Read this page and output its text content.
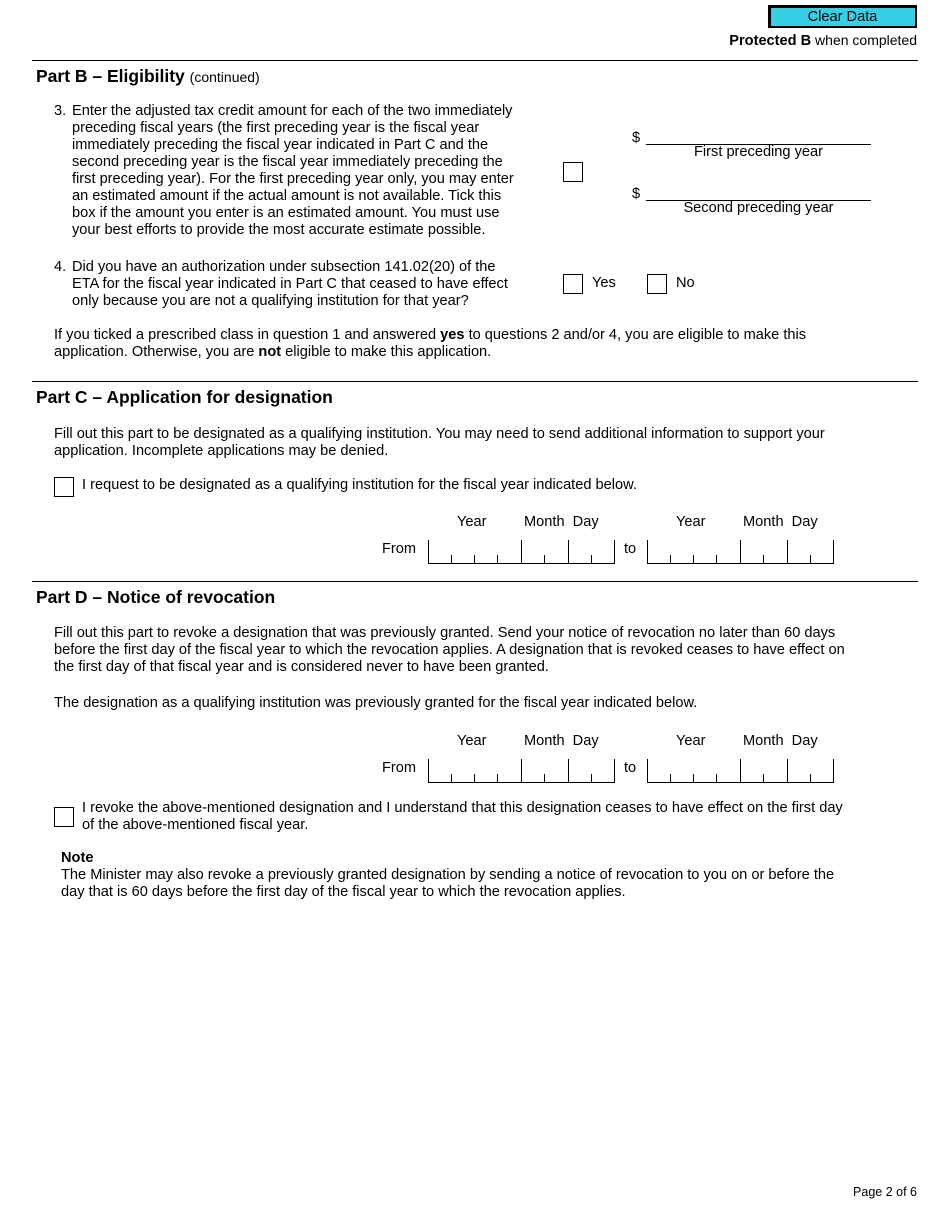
Clear Data
Protected B when completed
Part B – Eligibility (continued)
3. Enter the adjusted tax credit amount for each of the two immediately
preceding fiscal years (the first preceding year is the fiscal year
immediately preceding the fiscal year indicated in Part C and the
second preceding year is the fiscal year immediately preceding the
first preceding year). For the first preceding year only, you may enter
an estimated amount if the actual amount is not available. Tick this
box if the amount you enter is an estimated amount. You must use
your best efforts to provide the most accurate estimate possible.
$
First preceding year
$
Second preceding year
4. Did you have an authorization under subsection 141.02(20) of the
ETA for the fiscal year indicated in Part C that ceased to have effect
only because you are not a qualifying institution for that year?
Yes	No
If you ticked a prescribed class in question 1 and answered yes to questions 2 and/or 4, you are eligible to make this
application. Otherwise, you are not eligible to make this application.
Part C – Application for designation
Fill out this part to be designated as a qualifying institution. You may need to send additional information to support your
application. Incomplete applications may be denied.
I request to be designated as a qualifying institution for the fiscal year indicated below.
Year	Month  Day	Year	Month  Day
From	to
Part D – Notice of revocation
Fill out this part to revoke a designation that was previously granted. Send your notice of revocation no later than 60 days
before the first day of the fiscal year to which the revocation applies. A designation that is revoked ceases to have effect on
the first day of that fiscal year and is considered never to have been granted.
The designation as a qualifying institution was previously granted for the fiscal year indicated below.
Year	Month  Day	Year	Month  Day
From	to
I revoke the above-mentioned designation and I understand that this designation ceases to have effect on the first day
of the above-mentioned fiscal year.
Note
The Minister may also revoke a previously granted designation by sending a notice of revocation to you on or before the
day that is 60 days before the first day of the fiscal year to which the revocation applies.
Page 2 of 6
